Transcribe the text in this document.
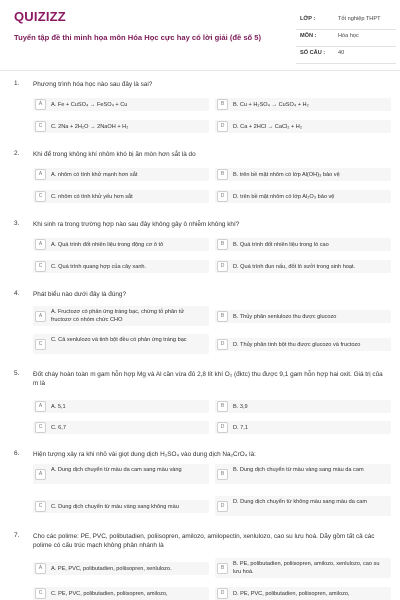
QUIZIZZ
Tuyển tập đề thi minh họa môn Hóa Học cực hay có lời giải (đề số 5)
LỚP :	Tốt nghiệp THPT
MÔN :	Hóa học
SỐ CÂU : 40
1. Phương trình hóa học nào sau đây là sai?
A	A. Fe + CuSO₄ → FeSO₄ + Cu	B	B. Cu + H₂SO₄ → CuSO₄ + H₂
C	C. 2Na + 2H₂O → 2NaOH + H₂	D	D. Ca + 2HCl → CaCl₂ + H₂
2. Khi để trong không khí nhôm khó bị ăn mòn hơn sắt là do
A	A. nhôm có tính khử mạnh hơn sắt	B	B. trên bề mặt nhôm có lớp Al(OH)₃ bảo vệ
C	C. nhôm có tính khử yếu hơn sắt	D	D. trên bề mặt nhôm có lớp Al₂O₃ bảo vệ
3. Khi sinh ra trong trường hợp nào sau đây không gây ô nhiễm không khí?
A	A. Quá trình đốt nhiên liệu trong động cơ ô tô	B	B. Quá trình đốt nhiên liệu trong lò cao
C	C. Quá trình quang hợp của cây xanh.	D	D. Quá trình đun nấu, đốt lò sưởi trong sinh hoạt.
4. Phát biểu nào dưới đây là đúng?
A
A. Fructozơ có phản ứng tráng bạc, chứng tỏ phân tử fructozơ có nhóm chức CHO
B	B. Thủy phân xenlulozo thu được glucozo
C
C. Cả xenlulozo và tinh bột đều có phản ứng tráng bạc
D	D. Thủy phân tinh bột thu được glucozo và fructozo
5. Đốt cháy hoàn toàn m gam hỗn hợp Mg và Al cần vừa đủ 2,8 lít khí O₂ (đktc) thu được 9,1 gam hỗn hợp hai oxit. Giá trị của m là
A	A. 5,1	B	B. 3,9
C	C. 6,7	D	D. 7,1
6. Hiện tượng xảy ra khi nhỏ vài giọt dung dịch H₂SO₄ vào dung dịch Na₂CrO₄ là:
A
A. Dung dịch chuyển từ màu da cam sang màu vàng
B
B. Dung dịch chuyển từ màu vàng sang màu da cam
C	C. Dung dịch chuyển từ màu vàng sang không màu	D
D. Dung dịch chuyển từ không màu sang màu da cam
7. Cho các polime: PE, PVC, polibutadien, poliisopren, amilozo, amilopectin, xenlulozo, cao su lưu hoá. Dãy gồm tất cả các polime có cấu trúc mạch không phân nhánh là
A	A. PE, PVC, polibutadien, poliisopren, xenlulozo.	B
B. PE, polibutadien, poliisopren, amilozo, xenlulozo, cao su lưu hoá.
C	C. PE, PVC, polibutadien, poliisopren, amilozo,	D	D. PE, PVC, polibutadien, poliisopren, amilozo,
